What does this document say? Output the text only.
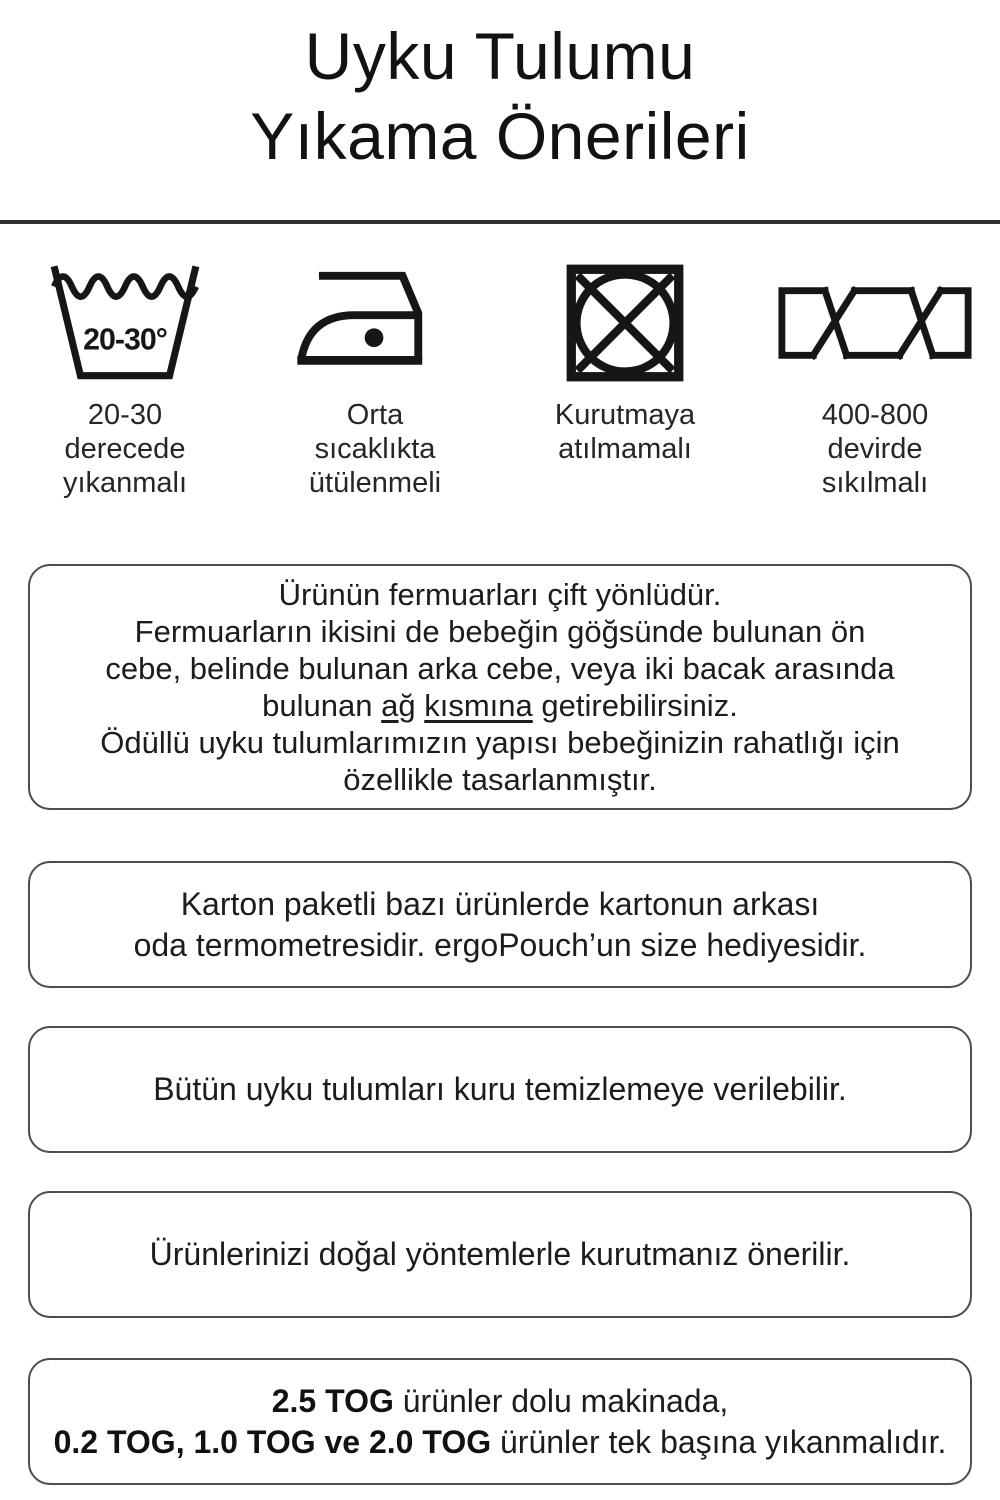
Uyku Tulumu
Yıkama Önerileri
20-30°
20-30
derecede
yıkanmalı
Orta
sıcaklıkta
ütülenmeli
Kurutmaya
atılmamalı
400-800
devirde
sıkılmalı
Ürünün fermuarları çift yönlüdür.
Fermuarların ikisini de bebeğin göğsünde bulunan ön
cebe, belinde bulunan arka cebe, veya iki bacak arasında
bulunan ağ kısmına getirebilirsiniz.
Ödüllü uyku tulumlarımızın yapısı bebeğinizin rahatlığı için
özellikle tasarlanmıştır.
Karton paketli bazı ürünlerde kartonun arkası
oda termometresidir. ergoPouch’un size hediyesidir.
Bütün uyku tulumları kuru temizlemeye verilebilir.
Ürünlerinizi doğal yöntemlerle kurutmanız önerilir.
2.5 TOG ürünler dolu makinada,
0.2 TOG, 1.0 TOG ve 2.0 TOG ürünler tek başına yıkanmalıdır.
